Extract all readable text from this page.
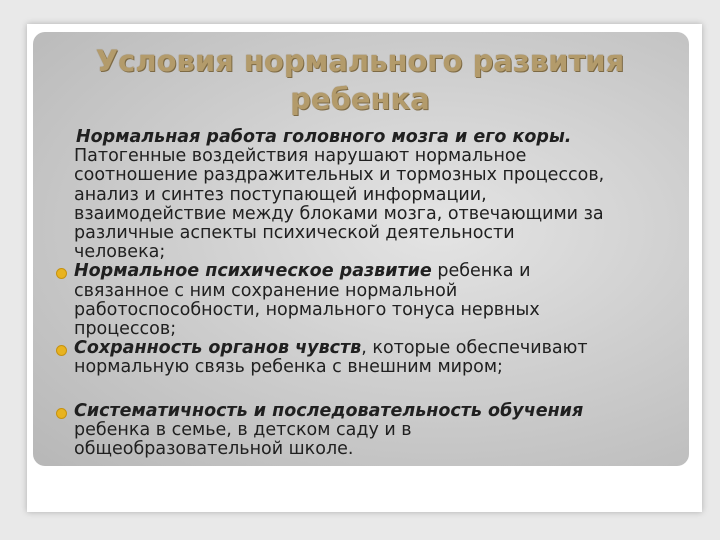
Условия нормального развития
ребенка
Нормальная работа головного мозга и его коры.
Патогенные воздействия нарушают нормальное
соотношение раздражительных и тормозных процессов,
анализ и синтез поступающей информации,
взаимодействие между блоками мозга, отвечающими за
различные аспекты психической деятельности
человека;
Нормальное психическое развитие ребенка и
связанное с ним сохранение нормальной
работоспособности, нормального тонуса нервных
процессов;
Сохранность органов чувств, которые обеспечивают
нормальную связь ребенка с внешним миром;
Систематичность и последовательность обучения
ребенка в семье, в детском саду и в
общеобразовательной школе.
